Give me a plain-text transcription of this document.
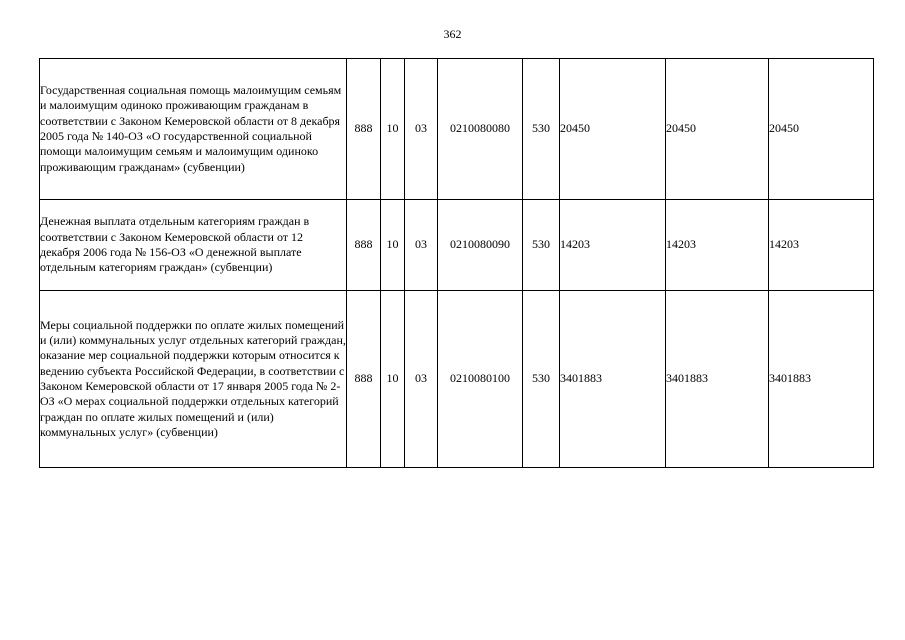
362
Государственная социальная помощь малоимущим семьям и малоимущим одиноко проживающим гражданам в соответствии с Законом Кемеровской области от 8 декабря 2005 года № 140-ОЗ «О государственной социальной помощи малоимущим семьям и малоимущим одиноко проживающим гражданам» (субвенции)	888	10	03	0210080080	530	20450	20450	20450
Денежная выплата отдельным категориям граждан в соответствии с Законом Кемеровской области от 12 декабря 2006 года № 156-ОЗ «О денежной выплате отдельным категориям граждан» (субвенции)	888	10	03	0210080090	530	14203	14203	14203
Меры социальной поддержки по оплате жилых помещений и (или) коммунальных услуг отдельных категорий граждан, оказание мер социальной поддержки которым относится к ведению субъекта Российской Федерации, в соответствии с Законом Кемеровской области от 17 января 2005 года № 2-ОЗ «О мерах социальной поддержки отдельных категорий граждан по оплате жилых помещений и (или) коммунальных услуг» (субвенции)	888	10	03	0210080100	530	3401883	3401883	3401883
